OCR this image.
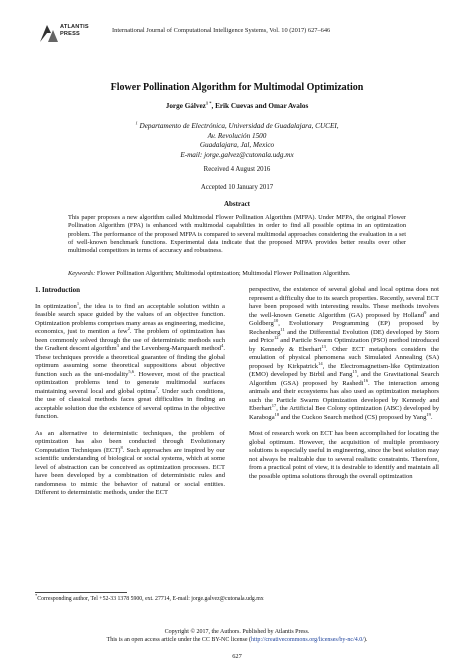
ATLANTIS
PRESS	International Journal of Computational Intelligence Systems, Vol. 10 (2017) 627–646
Flower Pollination Algorithm for Multimodal Optimization
Jorge Gálvez$^{1 *}$, Erik Cuevas and Omar Avalos
$^1$ Departamento de Electrónica, Universidad de Guadalajara, CUCEI,
Av. Revolución 1500
Guadalajara, Jal, Mexico
E-mail: jorge.galvez@cutonala.udg.mx
Received 4 August 2016
Accepted 10 January 2017
Abstract
This paper proposes a new algorithm called Multimodal Flower Pollination Algorithm (MFPA). Under MFPA, the original Flower Pollination Algorithm (FPA) is enhanced with multimodal capabilities in order to find all possible optima in an optimization problem. The performance of the proposed MFPA is compared to several multimodal approaches considering the evaluation in a set of well-known benchmark functions. Experimental data indicate that the proposed MFPA provides better results over other multimodal competitors in terms of accuracy and robustness.
Keywords: Flower Pollination Algorithm; Multimodal optimization; Multimodal Flower Pollination Algorithm.
1. Introduction

In optimization$^1$, the idea is to find an acceptable solution within a feasible search space guided by the values of an objective function. Optimization problems comprises many areas as engineering, medicine, economics, just to mention a few$^2$. The problem of optimization has been commonly solved through the use of deterministic methods such the Gradient descent algorithm$^3$ and the Levenberg-Marquardt method$^4$. These techniques provide a theoretical guarantee of finding the global optimum assuming some theoretical suppositions about objective function such as the uni-modality$^{5,6}$. However, most of the practical optimization problems tend to generate multimodal surfaces maintaining several local and global optima$^7$. Under such conditions, the use of classical methods faces great difficulties in finding an acceptable solution due the existence of several optima in the objective function.

As an alternative to deterministic techniques, the problem of optimization has also been conducted through Evolutionary Computation Techniques (ECT)$^8$. Such approaches are inspired by our scientific understanding of biological or social systems, which at some level of abstraction can be conceived as optimization processes. ECT have been developed by a combination of deterministic rules and randomness to mimic the behavior of natural or social entities. Different to deterministic methods, under the ECT

perspective, the existence of several global and local optima does not represent a difficulty due to its search properties. Recently, several ECT have been proposed with interesting results. These methods involves the well-known Genetic Algorithm (GA) proposed by Holland$^9$ and Goldberg$^{10}$, Evolutionary Programming (EP) proposed by Rechenberg$^{11}$ and the Differential Evolution (DE) developed by Storn and Price$^{12}$ and Particle Swarm Optimization (PSO) method introduced by Kennedy & Eberhart$^{13}$. Other ECT metaphors considers the emulation of physical phenomena such Simulated Annealing (SA) proposed by Kirkpatrick$^{14}$, the Electromagnetism-like Optimization (EMO) developed by Birbil and Fang$^{15}$, and the Gravitational Search Algorithm (GSA) proposed by Rashedi$^{16}$. The interaction among animals and their ecosystems has also used as optimization metaphors such the Particle Swarm Optimization developed by Kennedy and Eberhart$^{17}$, the Artificial Bee Colony optimization (ABC) developed by Karaboga$^{18}$ and the Cuckoo Search method (CS) proposed by Yang$^{19}$.

Most of research work on ECT has been accomplished for locating the global optimum. However, the acquisition of multiple promissory solutions is especially useful in engineering, since the best solution may not always be realizable due to several realistic constraints. Therefore, from a practical point of view, it is desirable to identify and maintain all the possible optima solutions through the overall optimization

*Corresponding author, Tel +52-33 1378 5900, ext. 27714, E-mail: jorge.galvez@cutonala.udg.mx
Copyright © 2017, the Authors. Published by Atlantis Press.
This is an open access article under the CC BY-NC license (http://creativecommons.org/licenses/by-nc/4.0/).
627
